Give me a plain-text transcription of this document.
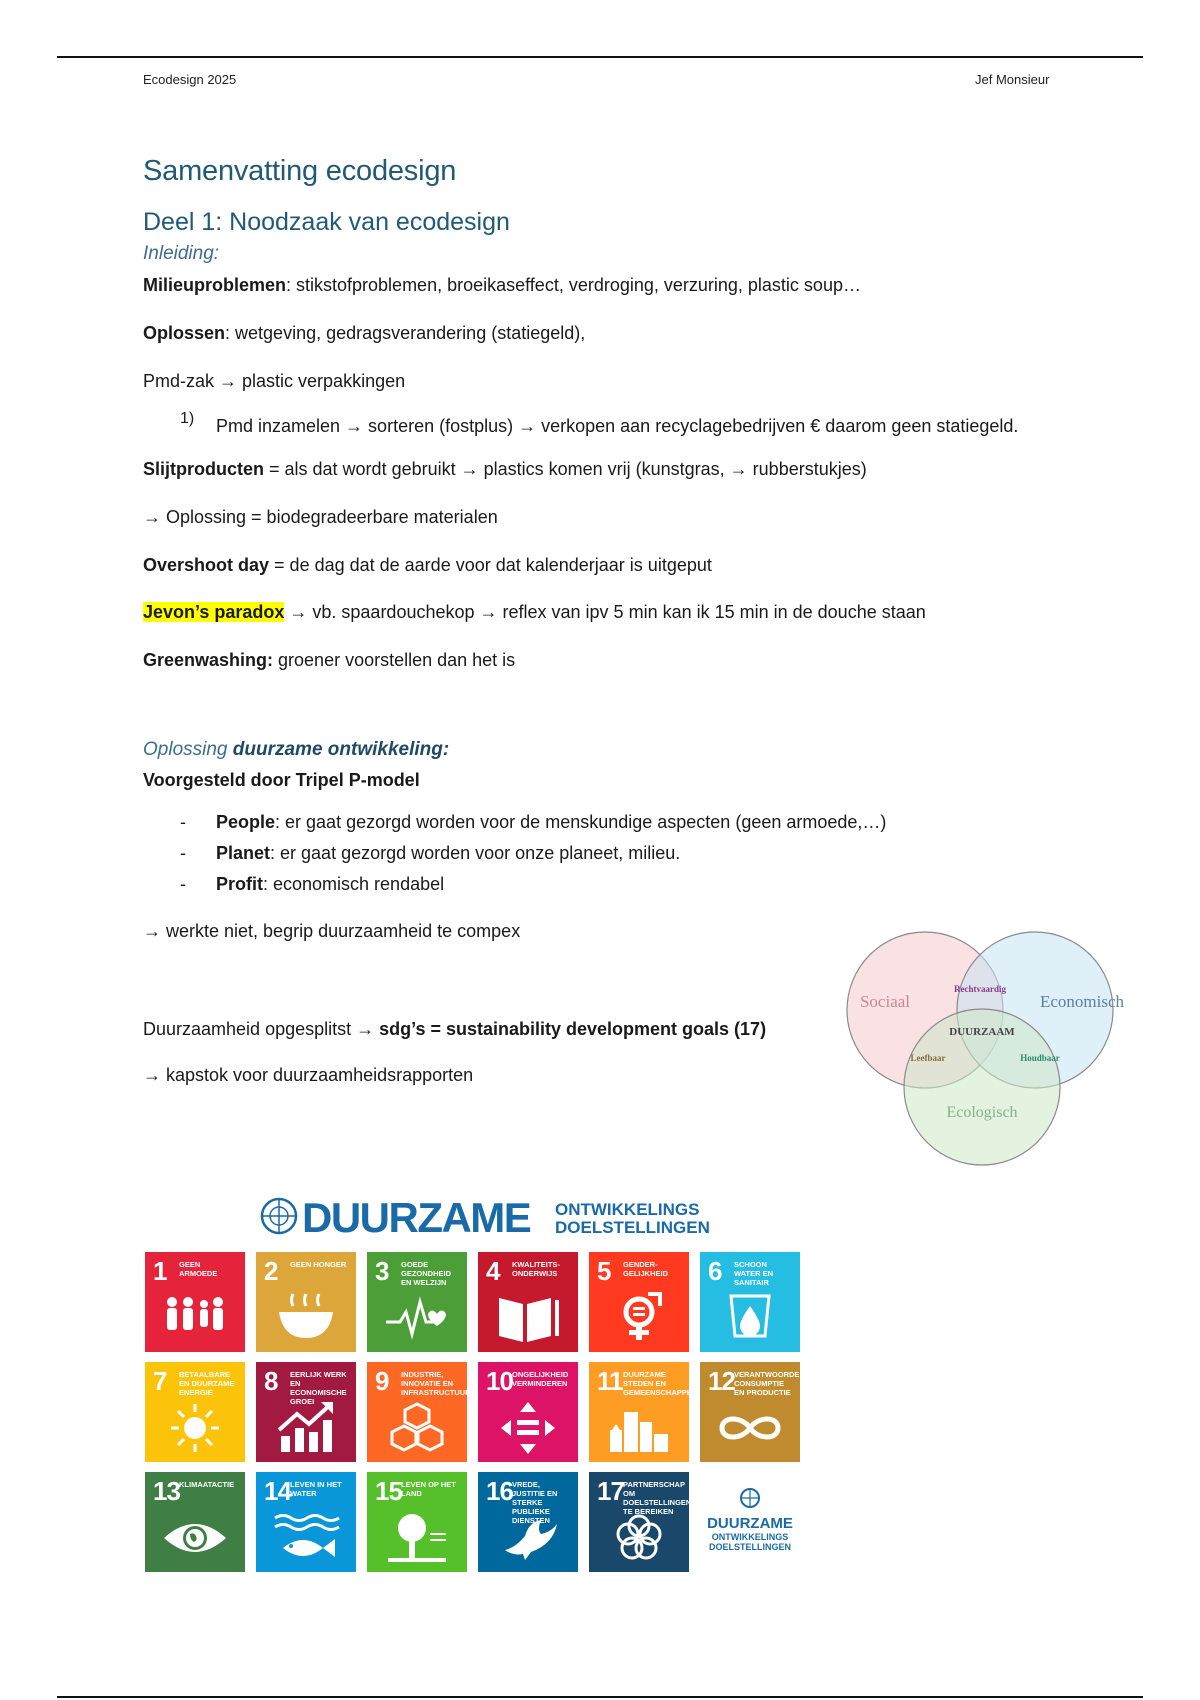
Ecodesign 2025	Jef Monsieur
Samenvatting ecodesign
Deel 1: Noodzaak van ecodesign
Inleiding:

Milieuproblemen: stikstofproblemen, broeikaseffect, verdroging, verzuring, plastic soup…

Oplossen: wetgeving, gedragsverandering (statiegeld),

Pmd-zak → plastic verpakkingen

1) Pmd inzamelen → sorteren (fostplus) → verkopen aan recyclagebedrijven € daarom geen statiegeld.

Slijtproducten = als dat wordt gebruikt → plastics komen vrij (kunstgras, → rubberstukjes)

→ Oplossing = biodegradeerbare materialen

Overshoot day = de dag dat de aarde voor dat kalenderjaar is uitgeput

Jevon’s paradox → vb. spaardouchekop → reflex van ipv 5 min kan ik 15 min in de douche staan

Greenwashing: groener voorstellen dan het is

Oplossing duurzame ontwikkeling:

Voorgesteld door Tripel P-model

- People: er gaat gezorgd worden voor de menskundige aspecten (geen armoede,…)
- Planet: er gaat gezorgd worden voor onze planeet, milieu.
- Profit: economisch rendabel

→ werkte niet, begrip duurzaamheid te compex

Duurzaamheid opgesplitst → sdg’s = sustainability development goals (17)

→ kapstok voor duurzaamheidsrapporten

Sociaal	Economisch
Ecologisch
Rechtvaardig
Leefbaar	Houdbaar
DUURZAAM
DUURZAME ONTWIKKELINGS
DOELSTELLINGEN
1 GEEN ARMOEDE	2 GEEN HONGER 3 GOEDE GEZONDHEID EN WELZIJN	4 KWALITEITS-ONDERWIJS	5 GENDER-GELIJKHEID	6 SCHOON WATER EN SANITAIR
7 BETAALBARE EN DUURZAME ENERGIE	8 EERLIJK WERK EN ECONOMISCHE GROEI
9 INDUSTRIE, INNOVATIE EN INFRASTRUCTUUR 10 ONGELIJKHEID VERMINDEREN 11 DUURZAME STEDEN EN GEMEENSCHAPPEN 12 VERANTWOORDE CONSUMPTIE EN PRODUCTIE
13 KLIMAATACTIE 14 LEVEN IN HET WATER	15 LEVEN OP HET LAND	16 VREDE, JUSTITIE EN STERKE PUBLIEKE DIENSTEN
17 PARTNERSCHAP OM DOELSTELLINGEN TE BEREIKEN
DUURZAME
ONTWIKKELINGS
DOELSTELLINGEN
